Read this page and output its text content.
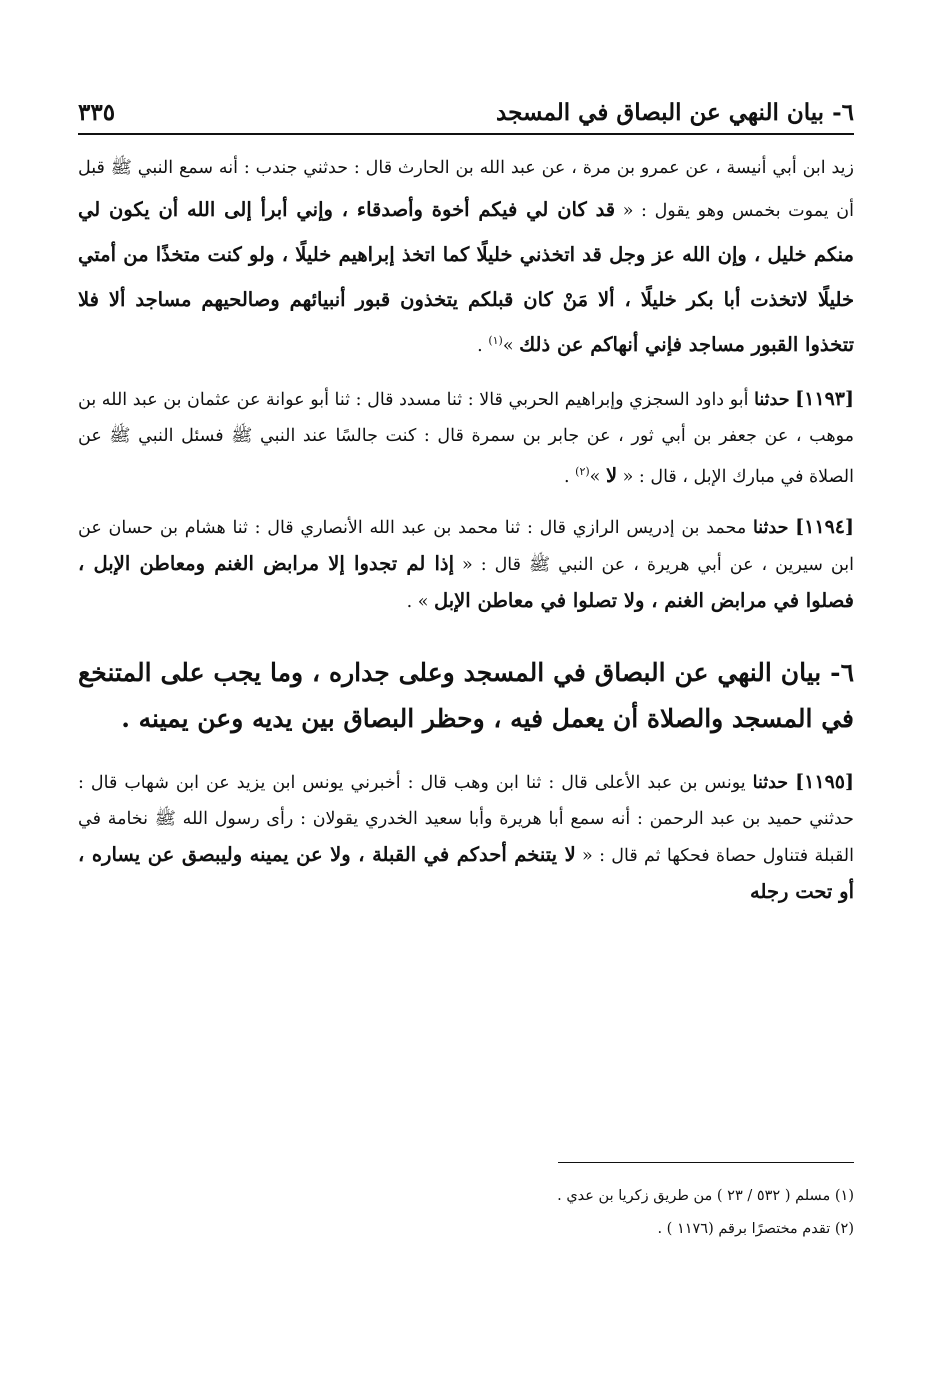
٦- بيان النهي عن البصاق في المسجد
٣٣٥

زيد ابن أبي أنيسة ، عن عمرو بن مرة ، عن عبد الله بن الحارث قال : حدثني جندب : أنه سمع النبي ﷺ قبل أن يموت بخمس وهو يقول : « قد كان لي فيكم أخوة وأصدقاء ، وإني أبرأ إلى الله أن يكون لي منكم خليل ، وإن الله عز وجل قد اتخذني خليلًا كما اتخذ إبراهيم خليلًا ، ولو كنت متخذًا من أمتي خليلًا لاتخذت أبا بكر خليلًا ، ألا مَنْ كان قبلكم يتخذون قبور أنبيائهم وصالحيهم مساجد ألا فلا تتخذوا القبور مساجد فإني أنهاكم عن ذلك »$^{(١)}$ .

[١١٩٣] حدثنا أبو داود السجزي وإبراهيم الحربي قالا : ثنا مسدد قال : ثنا أبو عوانة عن عثمان بن عبد الله بن موهب ، عن جعفر بن أبي ثور ، عن جابر بن سمرة قال : كنت جالسًا عند النبي ﷺ فسئل النبي ﷺ عن الصلاة في مبارك الإبل ، قال : « لا »$^{(٢)}$ .

[١١٩٤] حدثنا محمد بن إدريس الرازي قال : ثنا محمد بن عبد الله الأنصاري قال : ثنا هشام بن حسان عن ابن سيرين ، عن أبي هريرة ، عن النبي ﷺ قال : « إذا لم تجدوا إلا مرابض الغنم ومعاطن الإبل ، فصلوا في مرابض الغنم ، ولا تصلوا في معاطن الإبل » .

٦- بيان النهي عن البصاق في المسجد وعلى جداره ، وما يجب على المتنخع في المسجد والصلاة أن يعمل فيه ، وحظر البصاق بين يديه وعن يمينه .

[١١٩٥] حدثنا يونس بن عبد الأعلى قال : ثنا ابن وهب قال : أخبرني يونس ابن يزيد عن ابن شهاب قال : حدثني حميد بن عبد الرحمن : أنه سمع أبا هريرة وأبا سعيد الخدري يقولان : رأى رسول الله ﷺ نخامة في القبلة فتناول حصاة فحكها ثم قال : « لا يتنخم أحدكم في القبلة ، ولا عن يمينه وليبصق عن يساره ، أو تحت رجله

(١) مسلم ( ٥٣٢ / ٢٣ ) من طريق زكريا بن عدي .

(٢) تقدم مختصرًا برقم (١١٧٦ ) .
